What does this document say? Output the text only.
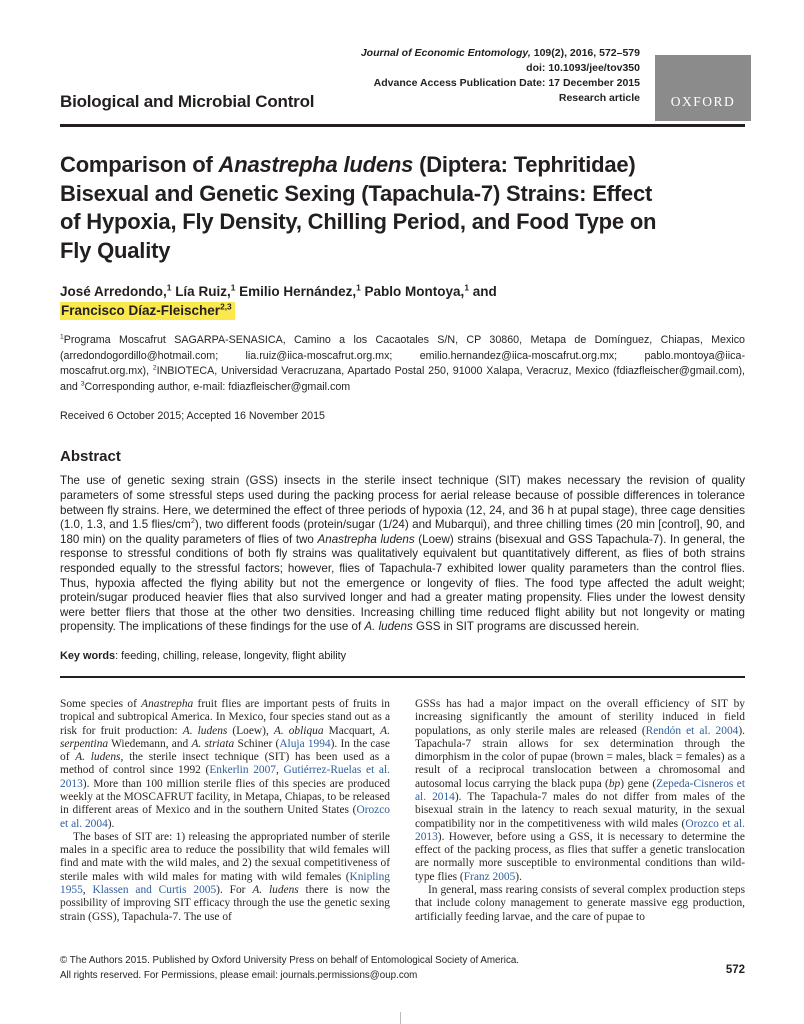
Journal of Economic Entomology, 109(2), 2016, 572–579
doi: 10.1093/jee/tov350
Advance Access Publication Date: 17 December 2015
Research article OXFORD
Biological and Microbial Control
Comparison of Anastrepha ludens (Diptera: Tephritidae) Bisexual and Genetic Sexing (Tapachula-7) Strains: Effect of Hypoxia, Fly Density, Chilling Period, and Food Type on Fly Quality
José Arredondo,$^1$ Lía Ruiz,$^1$ Emilio Hernández,$^1$ Pablo Montoya,$^1$ and
Francisco Díaz-Fleischer$^{2,3}$

$^1$Programa Moscafrut SAGARPA-SENASICA, Camino a los Cacaotales S/N, CP 30860, Metapa de Domínguez, Chiapas, Mexico (arredondogordillo@hotmail.com; lia.ruiz@iica-moscafrut.org.mx; emilio.hernandez@iica-moscafrut.org.mx; pablo.montoya@iica-moscafrut.org.mx), $^2$INBIOTECA, Universidad Veracruzana, Apartado Postal 250, 91000 Xalapa, Veracruz, Mexico (fdiazfleischer@gmail.com), and $^3$Corresponding author, e-mail: fdiazfleischer@gmail.com

Received 6 October 2015; Accepted 16 November 2015
Abstract

The use of genetic sexing strain (GSS) insects in the sterile insect technique (SIT) makes necessary the revision of quality parameters of some stressful steps used during the packing process for aerial release because of possible differences in tolerance between fly strains. Here, we determined the effect of three periods of hypoxia (12, 24, and 36 h at pupal stage), three cage densities (1.0, 1.3, and 1.5 flies/$cm^2$), two different foods (protein/sugar (1/24) and Mubarqui), and three chilling times (20 min [control], 90, and 180 min) on the quality parameters of flies of two Anastrepha ludens (Loew) strains (bisexual and GSS Tapachula-7). In general, the response to stressful conditions of both fly strains was qualitatively equivalent but quantitatively different, as flies of both strains responded equally to the stressful factors; however, flies of Tapachula-7 exhibited lower quality parameters than the control flies. Thus, hypoxia affected the flying ability but not the emergence or longevity of flies. The food type affected the adult weight; protein/sugar produced heavier flies that also survived longer and had a greater mating propensity. Flies under the lowest density were better fliers that those at the other two densities. Increasing chilling time reduced flight ability but not longevity or mating propensity. The implications of these findings for the use of A. ludens GSS in SIT programs are discussed herein.

Key words: feeding, chilling, release, longevity, flight ability

Some species of Anastrepha fruit flies are important pests of fruits in tropical and subtropical America. In Mexico, four species stand out as a risk for fruit production: A. ludens (Loew), A. obliqua Macquart, A. serpentina Wiedemann, and A. striata Schiner (Aluja 1994). In the case of A. ludens, the sterile insect technique (SIT) has been used as a method of control since 1992 (Enkerlin 2007, Gutiérrez-Ruelas et al. 2013). More than 100 million sterile flies of this species are produced weekly at the MOSCAFRUT facility, in Metapa, Chiapas, to be released in different areas of Mexico and in the southern United States (Orozco et al. 2004).

The bases of SIT are: 1) releasing the appropriated number of sterile males in a specific area to reduce the possibility that wild females will find and mate with the wild males, and 2) the sexual competitiveness of sterile males with wild males for mating with wild females (Knipling 1955, Klassen and Curtis 2005). For A. ludens there is now the possibility of improving SIT efficacy through the use the genetic sexing strain (GSS), Tapachula-7. The use of

GSSs has had a major impact on the overall efficiency of SIT by increasing significantly the amount of sterility induced in field populations, as only sterile males are released (Rendón et al. 2004). Tapachula-7 strain allows for sex determination through the dimorphism in the color of pupae (brown = males, black = females) as a result of a reciprocal translocation between a chromosomal and autosomal locus carrying the black pupa (bp) gene (Zepeda-Cisneros et al. 2014). The Tapachula-7 males do not differ from males of the bisexual strain in the latency to reach sexual maturity, in the sexual compatibility nor in the competitiveness with wild males (Orozco et al. 2013). However, before using a GSS, it is necessary to determine the effect of the packing process, as flies that suffer a genetic translocation are normally more susceptible to environmental conditions than wild-type flies (Franz 2005).

In general, mass rearing consists of several complex production steps that include colony management to generate massive egg production, artificially feeding larvae, and the care of pupae to

© The Authors 2015. Published by Oxford University Press on behalf of Entomological Society of America.
All rights reserved. For Permissions, please email: journals.permissions@oup.com	572
